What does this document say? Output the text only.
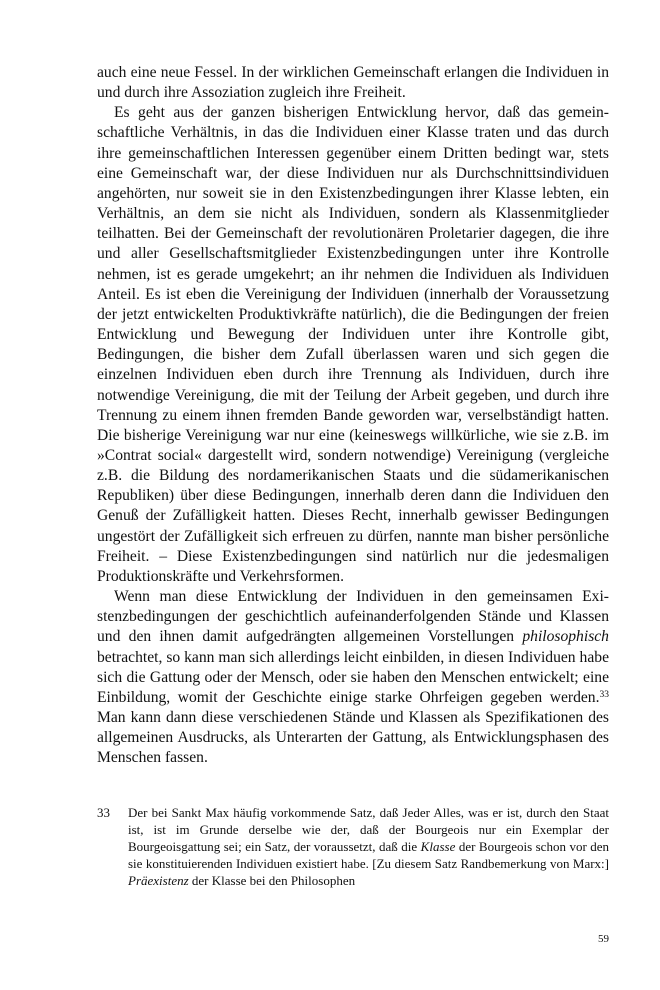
auch eine neue Fessel. In der wirklichen Gemeinschaft erlangen die Individuen in und durch ihre Assoziation zugleich ihre Freiheit.

Es geht aus der ganzen bisherigen Entwicklung hervor, daß das gemeinschaftliche Verhältnis, in das die Individuen einer Klasse traten und das durch ihre gemeinschaftlichen Interessen gegenüber einem Dritten bedingt war, stets eine Gemeinschaft war, der diese Individuen nur als Durchschnittsindividuen angehörten, nur soweit sie in den Existenzbedingungen ihrer Klasse lebten, ein Verhältnis, an dem sie nicht als Individuen, sondern als Klassenmitglieder teilhatten. Bei der Gemeinschaft der revolutionären Proletarier dagegen, die ihre und aller Gesellschaftsmitglieder Existenzbedingungen unter ihre Kontrolle nehmen, ist es gerade umgekehrt; an ihr nehmen die Individuen als Individuen Anteil. Es ist eben die Vereinigung der Individuen (innerhalb der Voraussetzung der jetzt entwickelten Produktivkräfte natürlich), die die Bedingungen der freien Entwicklung und Bewegung der Individuen unter ihre Kontrolle gibt, Bedingungen, die bisher dem Zufall überlassen waren und sich gegen die einzelnen Individuen eben durch ihre Trennung als Individuen, durch ihre notwendige Vereinigung, die mit der Teilung der Arbeit gegeben, und durch ihre Trennung zu einem ihnen fremden Bande geworden war, verselbständigt hatten. Die bisherige Vereinigung war nur eine (keineswegs willkürliche, wie sie z.B. im »Contrat social« dargestellt wird, sondern notwendige) Vereinigung (vergleiche z.B. die Bildung des nordamerikanischen Staats und die südamerikanischen Republiken) über diese Bedingungen, innerhalb deren dann die Individuen den Genuß der Zufälligkeit hatten. Dieses Recht, innerhalb gewisser Bedingungen ungestört der Zufälligkeit sich erfreuen zu dürfen, nannte man bisher persönliche Freiheit. – Diese Existenzbedingungen sind natürlich nur die jedesmaligen Produktionskräfte und Verkehrsformen.

Wenn man diese Entwicklung der Individuen in den gemeinsamen Existenzbedingungen der geschichtlich aufeinanderfolgenden Stände und Klassen und den ihnen damit aufgedrängten allgemeinen Vorstellungen philosophisch betrachtet, so kann man sich allerdings leicht einbilden, in diesen Individuen habe sich die Gattung oder der Mensch, oder sie haben den Menschen entwickelt; eine Einbildung, womit der Geschichte einige starke Ohrfeigen gegeben werden.$^{33}$ Man kann dann diese verschiedenen Stände und Klassen als Spezifikationen des allgemeinen Ausdrucks, als Unterarten der Gattung, als Entwicklungsphasen des Menschen fassen.

33 Der bei Sankt Max häufig vorkommende Satz, daß Jeder Alles, was er ist, durch den Staat ist, ist im Grunde derselbe wie der, daß der Bourgeois nur ein Exemplar der Bourgeoisgattung sei; ein Satz, der voraussetzt, daß die Klasse der Bourgeois schon vor den sie konstituierenden Individuen existiert habe. [Zu diesem Satz Randbemerkung von Marx:] Präexistenz der Klasse bei den Philosophen
59
